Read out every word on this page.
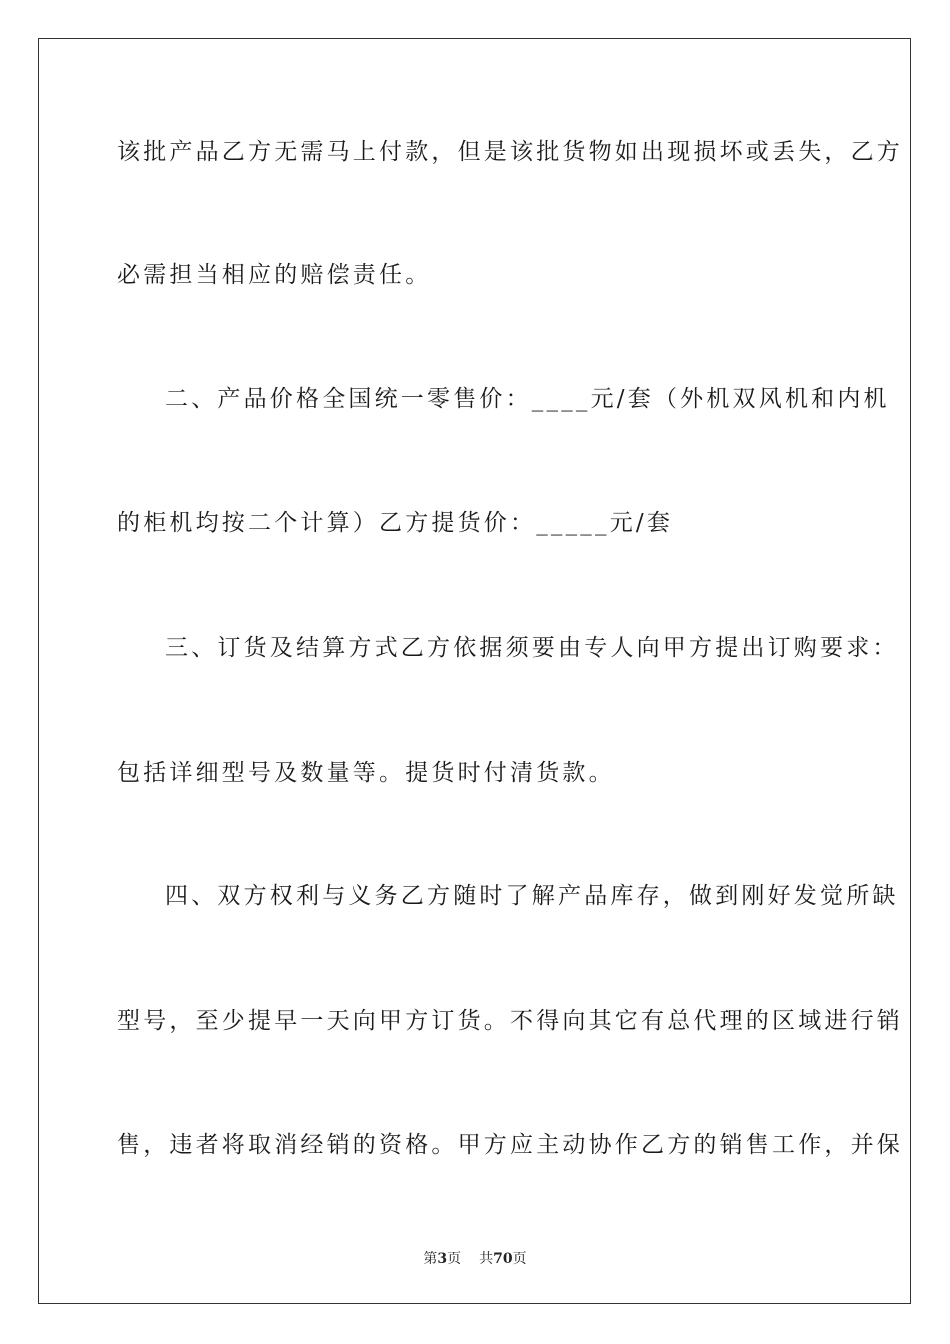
该批产品乙方无需马上付款，但是该批货物如出现损坏或丢失，乙方
必需担当相应的赔偿责任。
二、产品价格全国统一零售价：____元/套（外机双风机和内机
的柜机均按二个计算）乙方提货价：_____元/套
三、订货及结算方式乙方依据须要由专人向甲方提出订购要求：
包括详细型号及数量等。提货时付清货款。
四、双方权利与义务乙方随时了解产品库存，做到刚好发觉所缺
型号，至少提早一天向甲方订货。不得向其它有总代理的区域进行销
售，违者将取消经销的资格。甲方应主动协作乙方的销售工作，并保
第3页 共70页
